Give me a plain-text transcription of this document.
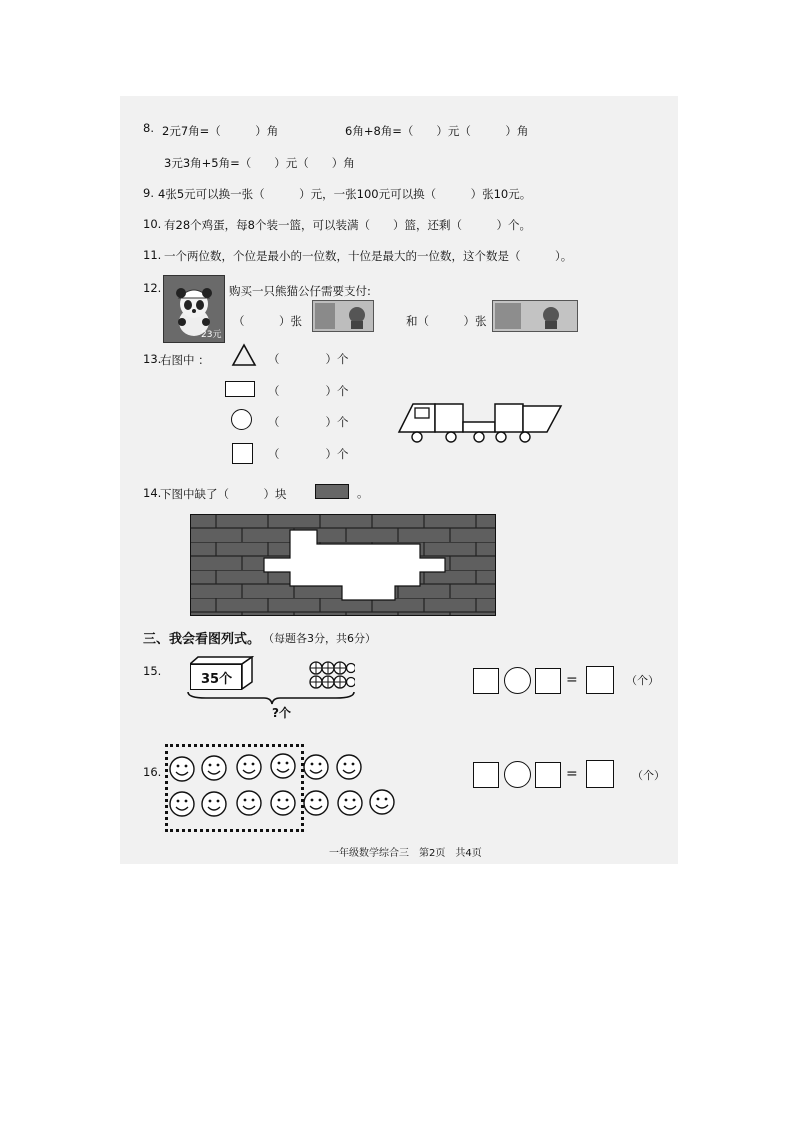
8. 2元7角=（　　　）角	6角+8角=（　　）元（　　　）角
3元3角+5角=（　　）元（　　）角
9. 4张5元可以换一张（　　　）元，一张100元可以换（　　　）张10元。
10. 有28个鸡蛋，每8个装一篮，可以装满（　　）篮，还剩（　　　）个。
11. 一个两位数，个位是最小的一位数，十位是最大的一位数，这个数是（　　　）。
12.
23元
购买一只熊猫公仔需要支付:
（　　　）张	和（　　　）张
13.
右图中 ：	（　　　　）个
（　　　　）个
（　　　　）个
（　　　　）个
14.
下图中缺了（　　　）块	。
三、我会看图列式。 （每题各3分，共6分）
15.
35个
?个
=	（个）
16.	=	（个）
一年级数学综合三　第2页　共4页
